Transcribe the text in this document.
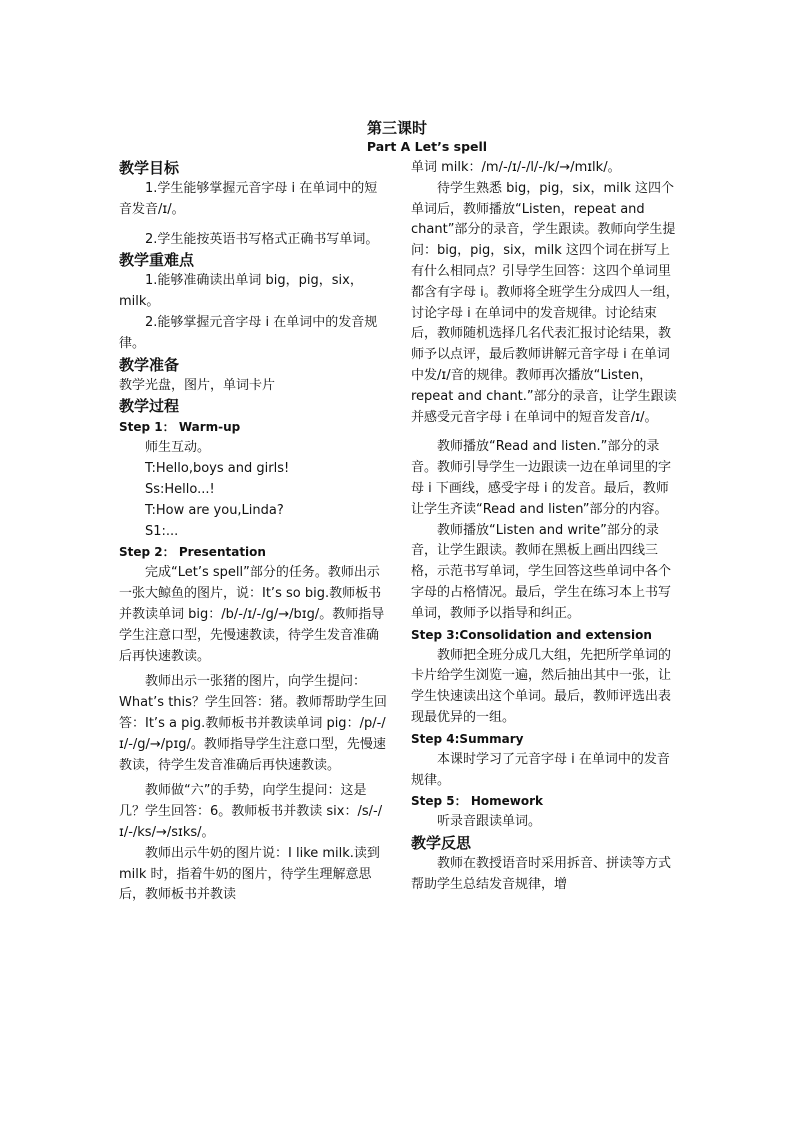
第三课时
Part A Let’s spell

教学目标

1.学生能够掌握元音字母 i 在单词中的短音发音/ɪ/。

2.学生能按英语书写格式正确书写单词。

教学重难点

1.能够准确读出单词 big，pig，six，milk。

2.能够掌握元音字母 i 在单词中的发音规律。

教学准备

教学光盘，图片，单词卡片

教学过程

Step 1： Warm-up

师生互动。

T:Hello,boys and girls!

Ss:Hello...!

T:How are you,Linda?

S1:...

Step 2： Presentation

完成“Let’s spell”部分的任务。教师出示一张大鲸鱼的图片，说：It’s so big.教师板书并教读单词 big：/b/-/ɪ/-/g/→/bɪg/。教师指导学生注意口型，先慢速教读，待学生发音准确后再快速教读。

教师出示一张猪的图片，向学生提问：What’s this？学生回答：猪。教师帮助学生回答：It’s a pig.教师板书并教读单词 pig：/p/-/ɪ/-/g/→/pɪg/。教师指导学生注意口型，先慢速教读，待学生发音准确后再快速教读。

教师做“六”的手势，向学生提问：这是几？学生回答：6。教师板书并教读 six：/s/-/ɪ/-/ks/→/sɪks/。

教师出示牛奶的图片说：I like milk.读到 milk 时，指着牛奶的图片，待学生理解意思后，教师板书并教读

单词 milk：/m/-/ɪ/-/l/-/k/→/mɪlk/。

待学生熟悉 big，pig，six，milk 这四个单词后，教师播放“Listen，repeat and chant”部分的录音，学生跟读。教师向学生提问：big，pig，six，milk 这四个词在拼写上有什么相同点？引导学生回答：这四个单词里都含有字母 i。教师将全班学生分成四人一组，讨论字母 i 在单词中的发音规律。讨论结束后，教师随机选择几名代表汇报讨论结果，教师予以点评，最后教师讲解元音字母 i 在单词中发/ɪ/音的规律。教师再次播放“Listen，repeat and chant.”部分的录音，让学生跟读并感受元音字母 i 在单词中的短音发音/ɪ/。

教师播放“Read and listen.”部分的录音。教师引导学生一边跟读一边在单词里的字母 i 下画线，感受字母 i 的发音。最后，教师让学生齐读“Read and listen”部分的内容。

教师播放“Listen and write”部分的录音，让学生跟读。教师在黑板上画出四线三格，示范书写单词，学生回答这些单词中各个字母的占格情况。最后，学生在练习本上书写单词，教师予以指导和纠正。

Step 3:Consolidation and extension

教师把全班分成几大组，先把所学单词的卡片给学生浏览一遍，然后抽出其中一张，让学生快速读出这个单词。最后，教师评选出表现最优异的一组。

Step 4:Summary

本课时学习了元音字母 i 在单词中的发音规律。

Step 5： Homework

听录音跟读单词。

教学反思

教师在教授语音时采用拆音、拼读等方式帮助学生总结发音规律，增
